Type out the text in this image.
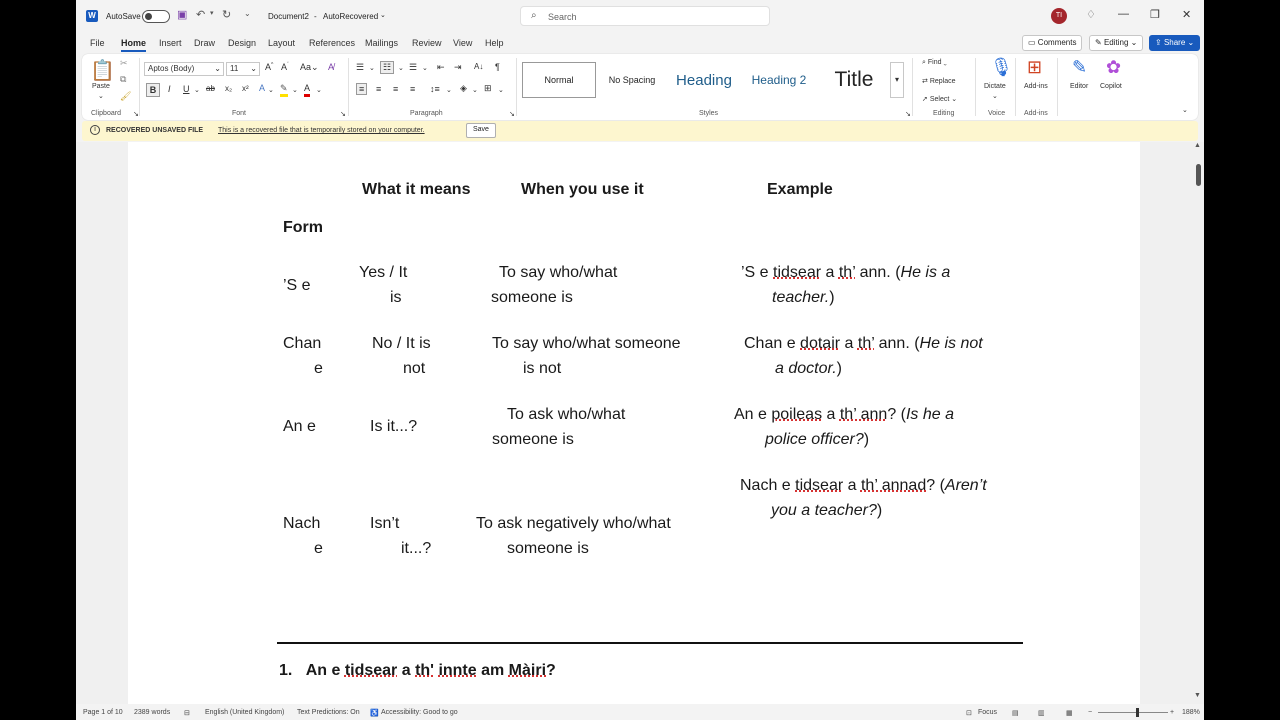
W AutoSave	▣ ↶ ▾ ↻ ⌄ Document2 - AutoRecovered ⌄	⌕ Search	TI	♢ — ❐ ✕
File Home Insert Draw Design Layout References Mailings Review View Help	▭ Comments	✎ Editing ⌄	⇪ Share ⌄
📋
Paste
⌄
✂
⧉
🖌
Clipboard ↘
Aptos (Body)	⌄	11 ⌄ A^ $A^ˇ$ Aa⌄ A̸
B	I U ⌄ ab x₂ x² A ⌄ ✎ ⌄ A ⌄
Font	↘
☰ ⌄ ☷ ⌄ ☰ ⌄ ⇤ ⇥ A↓ ¶
≡	≡ ≡ ≡ ↕≡ ⌄ ◈ ⌄ ⊞ ⌄
Paragraph	↘
Normal	No Spacing	Heading	Heading 2	Title	▾
Styles	↘
⌕ Find ⌄
⇄ Replace
➚ Select ⌄
Editing
🎙
Dictate
⌄
Voice
⊞
Add-ins
Add-ins
✎
Editor
✿
Copilot
⌄
i	RECOVERED UNSAVED FILE This is a recovered file that is temporarily stored on your computer.	Save
What it means	When you use it	Example
Form
’S e
Yes / It
is
To say who/what
someone is
’S e tidsear a th’ ann. (He is a
teacher.)
Chan
e
No / It is
not
To say who/what someone
is not
Chan e dotair a th’ ann. (He is not
a doctor.)
An e	Is it...?
To ask who/what
someone is
An e poileas a th’ ann? (Is he a
police officer?)
Nach e tidsear a th’ annad? (Aren’t
you a teacher?)
Nach
e
Isn’t
it...?
To ask negatively who/what
someone is
1. An e tidsear a th' innte am Màiri?
▲
▼
Page 1 of 10 2389 words ⊟ English (United Kingdom) Text Predictions: On ♿ Accessibility: Good to go	⊡ Focus ▤	▥	▦ −	+ 188%
